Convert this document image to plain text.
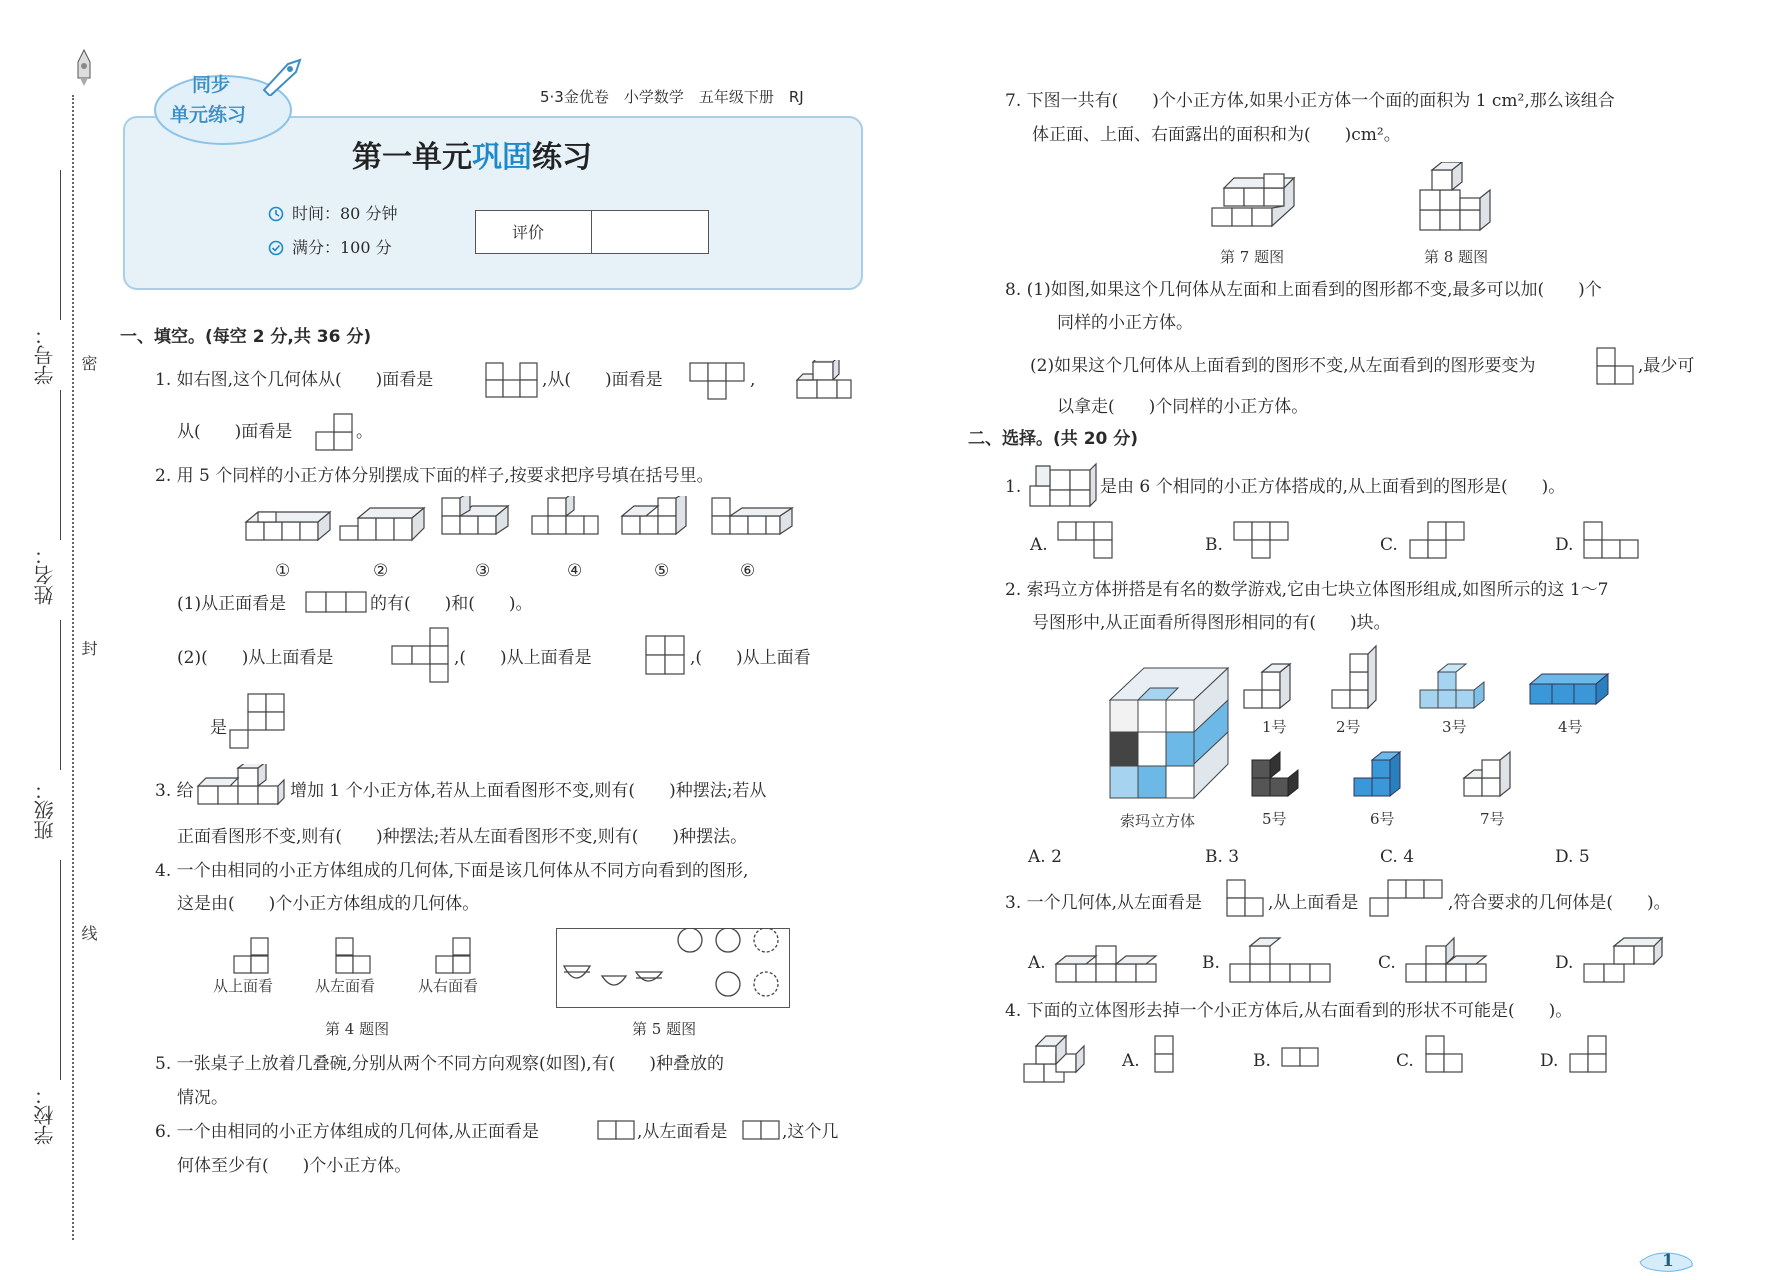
密
封
线
学号：
姓名：
班级：
学校：
同步
单元练习
5·3金优卷　小学数学　五年级下册　RJ
第一单元巩固练习
时间：80 分钟
满分：100 分
评价
一、填空。(每空 2 分,共 36 分)
1. 如右图,这个几何体从(　　)面看是	,从(　　)面看是	,
从(　　)面看是	。
2. 用 5 个同样的小正方体分别摆成下面的样子,按要求把序号填在括号里。
①	②	③	④	⑤	⑥
(1)从正面看是	的有(　　)和(　　)。
(2)(　　)从上面看是	,(　　)从上面看是	,(　　)从上面看
是
3. 给	增加 1 个小正方体,若从上面看图形不变,则有(　　)种摆法;若从
正面看图形不变,则有(　　)种摆法;若从左面看图形不变,则有(　　)种摆法。
4. 一个由相同的小正方体组成的几何体,下面是该几何体从不同方向看到的图形,
这是由(　　)个小正方体组成的几何体。
从上面看	从左面看	从右面看
第 4 题图	第 5 题图
5. 一张桌子上放着几叠碗,分别从两个不同方向观察(如图),有(　　)种叠放的
情况。
6. 一个由相同的小正方体组成的几何体,从正面看是	,从左面看是	,这个几
何体至少有(　　)个小正方体。
7. 下图一共有(　　)个小正方体,如果小正方体一个面的面积为 1 cm²,那么该组合
体正面、上面、右面露出的面积和为(　　)cm²。
第 7 题图	第 8 题图
8. (1)如图,如果这个几何体从左面和上面看到的图形都不变,最多可以加(　　)个
同样的小正方体。
(2)如果这个几何体从上面看到的图形不变,从左面看到的图形要变为	,最少可
以拿走(　　)个同样的小正方体。
二、选择。(共 20 分)
1.	是由 6 个相同的小正方体搭成的,从上面看到的图形是(　　)。
A.	B.	C.	D.
2. 索玛立方体拼搭是有名的数学游戏,它由七块立体图形组成,如图所示的这 1～7
号图形中,从正面看所得图形相同的有(　　)块。
索玛立方体
1号	2号	3号	4号
5号	6号	7号
A. 2	B. 3	C. 4	D. 5
3. 一个几何体,从左面看是	,从上面看是	,符合要求的几何体是(　　)。
A.	B.	C.	D.
4. 下面的立体图形去掉一个小正方体后,从右面看到的形状不可能是(　　)。
A.	B.	C.	D.
1
